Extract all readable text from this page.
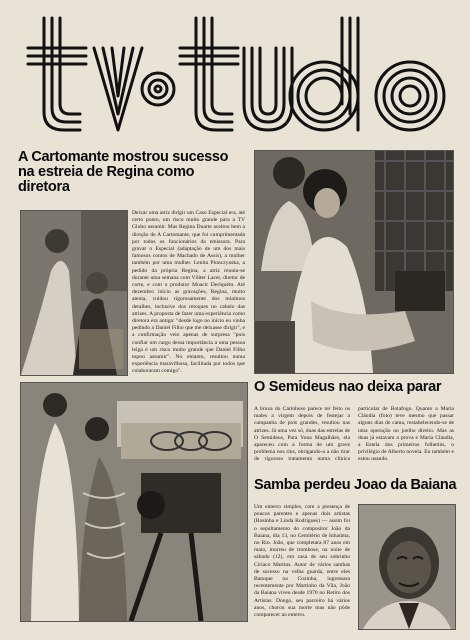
A Cartomante mostrou sucesso na estreia de Regina como diretora
Deixar uma atriz dirigir um Caso Especial era, até certo ponto, um risco muito grande para a TV Globo assumir. Mas Regina Duarte aceitou bem a direção de A Cartomante, que foi cumprimentada por todos os funcionários da emissora. Para gravar o Especial (adaptação de um dos mais famosos contos de Machado de Assis), a mulher também por uma mulher. Lenita Plonczynska, a pedido da própria Regina, a atriz reuniu-se durante uma semana com Vôlter Lacet, diretor de corte, e com o produtor Moacir Deriquém. Até dezembro início as gravações, Regina, muito atenta, cuidou rigorosamente dos mínimos detalhes, inclusive dos retoques no cabelo das atrizes. A proposta de fazer uma experiência como diretora era antiga: "desde logo no início eu vinha pedindo a Daniel Filho que me deixasse dirigir", e a confirmação veio apenas de surpresa "pois confiar um cargo dessa importância a uma pessoa leiga é um risco muito grande que Daniel Filho topou assumir". No entanto, resultou numa experiência maravilhosa, facilitada por todos que colaboraram comigo".
O Semideus nao deixa parar
A bruxa do Carinhoso parece ter feito os males a virgem depois de festejar a campanha de pois grandes, resultou nas atrizes. Já uma vez só, duas das estrelas de O Semideus, Para Yona Magalhães, ela apareceu com a forma de um grave problema nos rins, obrigando-a a não tirar de rigoroso tratamento numa clínica particular de Botafogo. Quanto a Maria Cláudia (foto) teve mesmo que passar alguns dias de cama, restabelecendo-se de uma operação no joelho direito. Mas as duas já estavam a prova e Maria Cláudia, a Estela dos primeiros folhetins, o privilégio de Alberto novela. Eu também e estou usando.
Samba perdeu Joao da Baiana
Um enterro simples, com a presença de poucos parentes e apenas dois artistas (Rosinha e Linda Rodrigues) — assim foi o sepultamento do compositor João da Baiana, dia 13, no Cemitério de Inhaúma, no Rio. João, que completara 87 anos em maio, morreu de trombose, na noite de sábado (12), em casa de seu sobrinho Ciríaco Martins. Autor de vários sambas de sucesso na velha guarda, entre eles Batuque na Cozinha, ingressara recentemente por Martinho da Vila, João da Baiana viveu desde 1970 no Retiro dos Artistas. Dongo, seu parceiro há vários anos, chorou sua morte mas não pôde comparecer ao enterro.
